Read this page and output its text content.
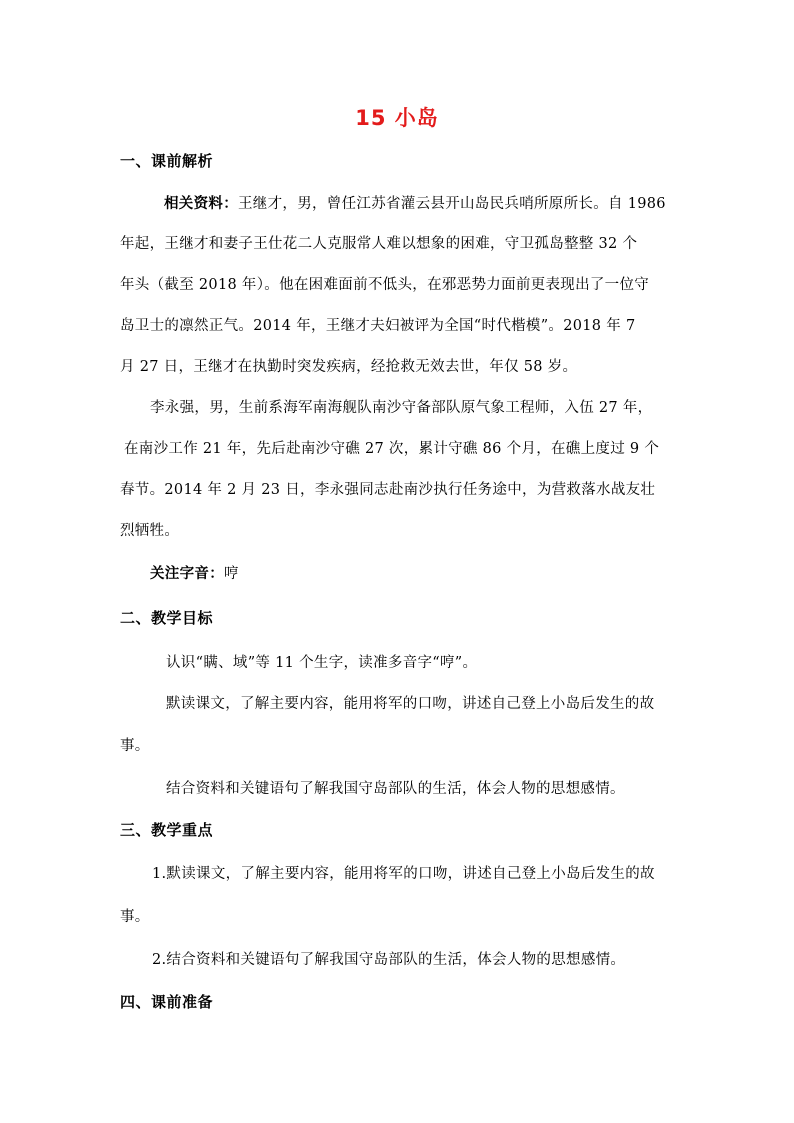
15 小岛
一、课前解析
相关资料：王继才，男，曾任江苏省灌云县开山岛民兵哨所原所长。自 1986
年起，王继才和妻子王仕花二人克服常人难以想象的困难，守卫孤岛整整 32 个
年头（截至 2018 年）。他在困难面前不低头，在邪恶势力面前更表现出了一位守
岛卫士的凛然正气。2014 年，王继才夫妇被评为全国“时代楷模”。2018 年 7
月 27 日，王继才在执勤时突发疾病，经抢救无效去世，年仅 58 岁。
李永强，男，生前系海军南海舰队南沙守备部队原气象工程师，入伍 27 年，
在南沙工作 21 年，先后赴南沙守礁 27 次，累计守礁 86 个月，在礁上度过 9 个
春节。2014 年 2 月 23 日，李永强同志赴南沙执行任务途中，为营救落水战友壮
烈牺牲。
关注字音：哼
二、教学目标
认识“瞒、域”等 11 个生字，读准多音字“哼”。
默读课文，了解主要内容，能用将军的口吻，讲述自己登上小岛后发生的故
事。
结合资料和关键语句了解我国守岛部队的生活，体会人物的思想感情。
三、教学重点
1.默读课文，了解主要内容，能用将军的口吻，讲述自己登上小岛后发生的故
事。
2.结合资料和关键语句了解我国守岛部队的生活，体会人物的思想感情。
四、课前准备
